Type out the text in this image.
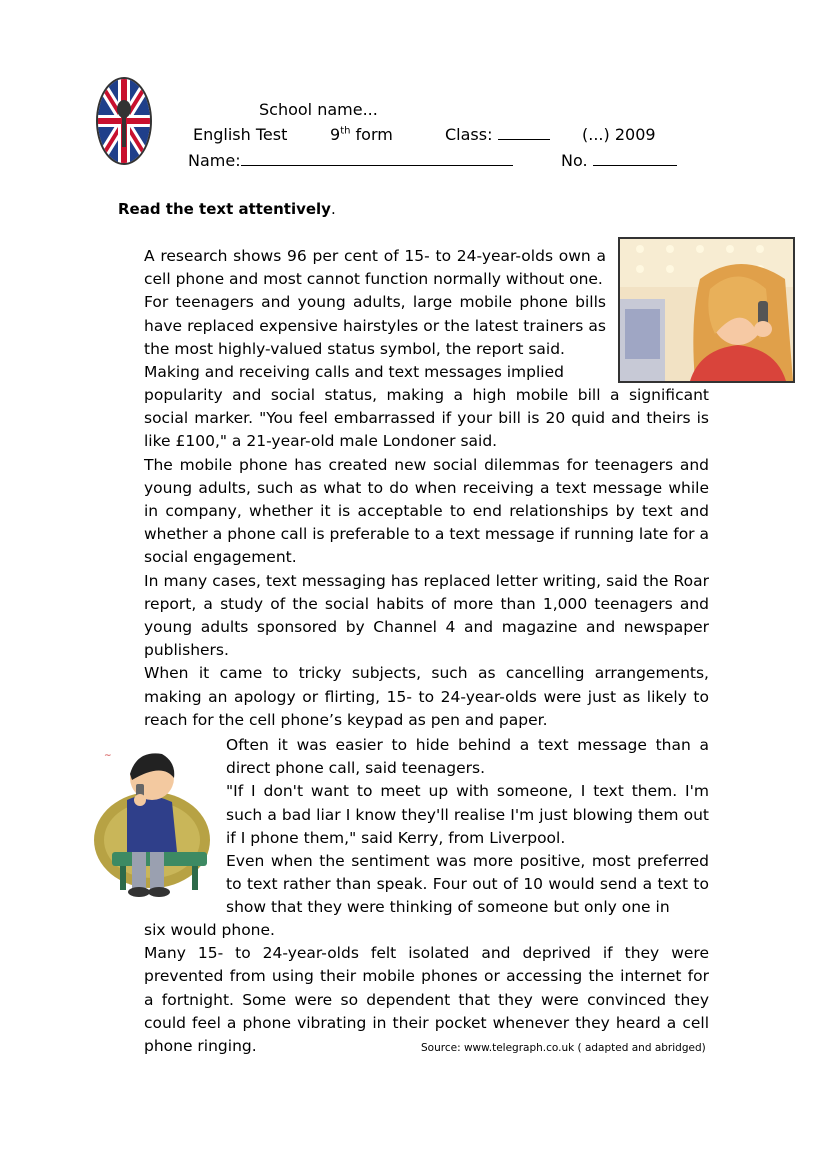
School name...
English Test	9th form	Class:	(...) 2009
Name:	No.
Read the text attentively.

A research shows 96 per cent of 15- to 24-year-olds own a cell phone and most cannot function normally without one.

For teenagers and young adults, large mobile phone bills have replaced expensive hairstyles or the latest trainers as the most highly-valued status symbol, the report said.

Making and receiving calls and text messages implied

popularity and social status, making a high mobile bill a significant social marker. "You feel embarrassed if your bill is 20 quid and theirs is like £100," a 21-year-old male Londoner said.

The mobile phone has created new social dilemmas for teenagers and young adults, such as what to do when receiving a text message while in company, whether it is acceptable to end relationships by text and whether a phone call is preferable to a text message if running late for a social engagement.

In many cases, text messaging has replaced letter writing, said the Roar report, a study of the social habits of more than 1,000 teenagers and young adults sponsored by Channel 4 and magazine and newspaper publishers.

When it came to tricky subjects, such as cancelling arrangements, making an apology or flirting, 15- to 24-year-olds were just as likely to reach for the cell phone’s keypad as pen and paper.

~

Often it was easier to hide behind a text message than a direct phone call, said teenagers.

"If I don't want to meet up with someone, I text them. I'm such a bad liar I know they'll realise I'm just blowing them out if I phone them," said Kerry, from Liverpool.

Even when the sentiment was more positive, most preferred to text rather than speak. Four out of 10 would send a text to show that they were thinking of someone but only one in

six would phone.

Many 15- to 24-year-olds felt isolated and deprived if they were prevented from using their mobile phones or accessing the internet for a fortnight. Some were so dependent that they were convinced they could feel a phone vibrating in their pocket whenever they heard a cell phone ringing.	Source: www.telegraph.co.uk ( adapted and abridged)
